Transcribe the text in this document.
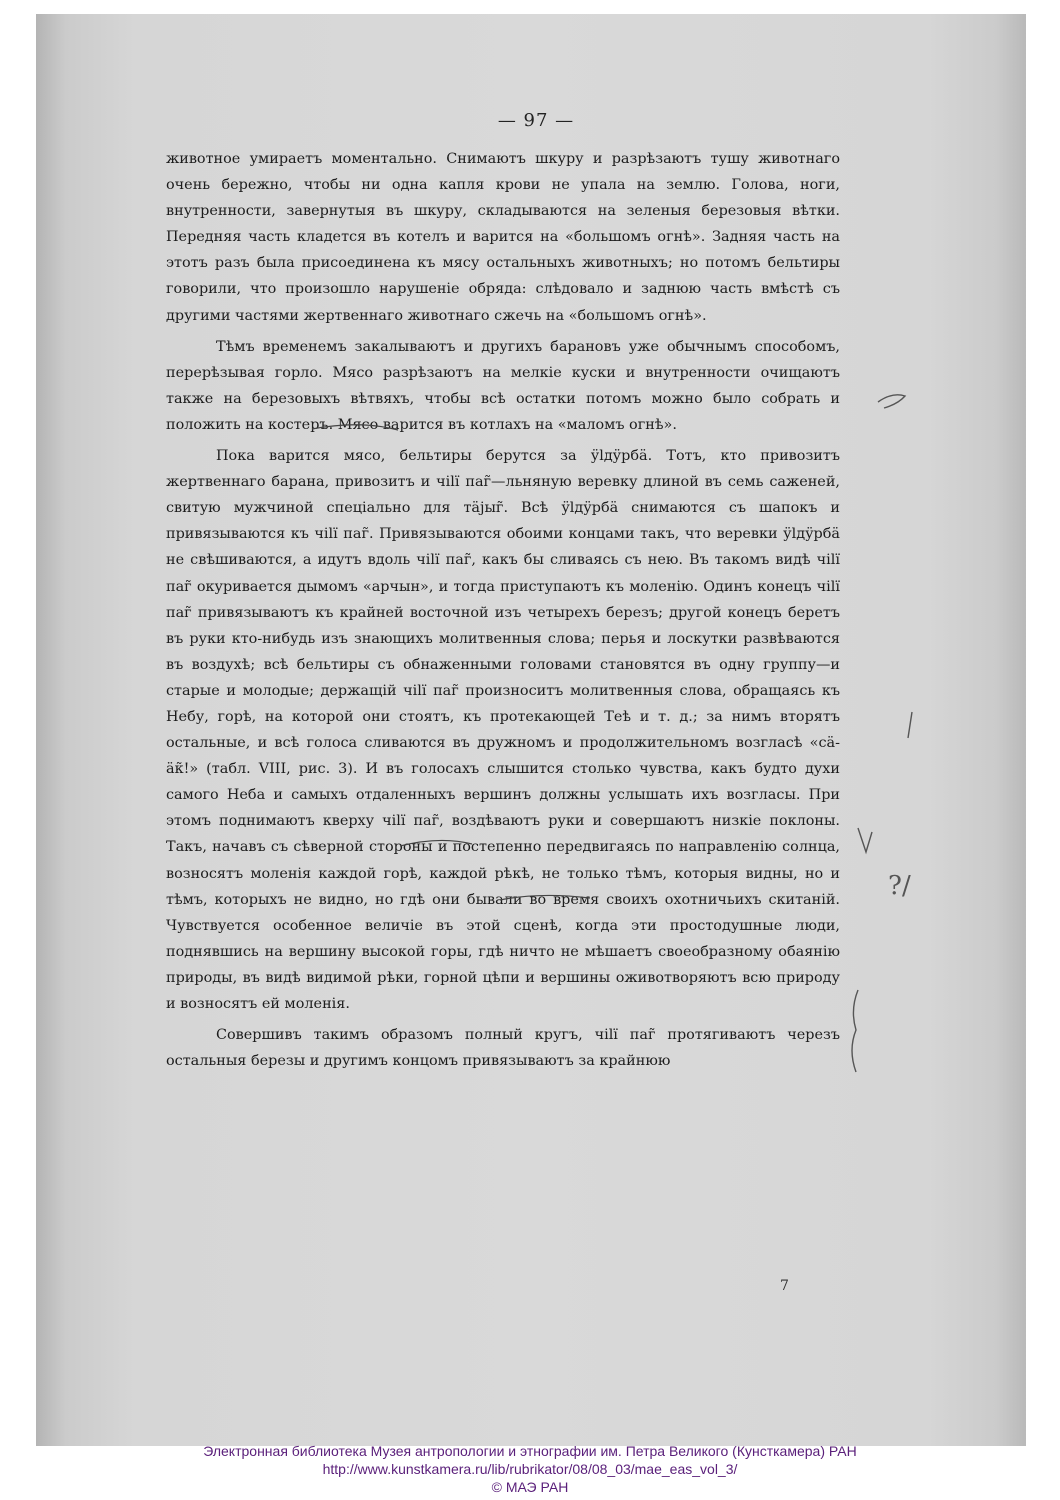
— 97 —

животное умираетъ моментально. Снимаютъ шкуру и разрѣзаютъ тушу животнаго очень бережно, чтобы ни одна капля крови не упала на землю. Голова, ноги, внутренности, завернутыя въ шкуру, складываются на зеленыя березовыя вѣтки. Передняя часть кладется въ котелъ и варится на «большомъ огнѣ». Задняя часть на этотъ разъ была присоединена къ мясу остальныхъ животныхъ; но потомъ бельтиры говорили, что произошло нарушеніе обряда: слѣдовало и заднюю часть вмѣстѣ съ другими частями жертвеннаго животнаго сжечь на «большомъ огнѣ».

Тѣмъ временемъ закалываютъ и другихъ барановъ уже обычнымъ способомъ, перерѣзывая горло. Мясо разрѣзаютъ на мелкіе куски и внутренности очищаютъ также на березовыхъ вѣтвяхъ, чтобы всѣ остатки потомъ можно было собрать и положить на костеръ. Мясо варится въ котлахъ на «маломъ огнѣ».

Пока варится мясо, бельтиры берутся за ӱlдӱрбä. Тотъ, кто привозитъ жертвеннаго барана, привозитъ и чilї паг̃—льняную веревку длиной въ семь саженей, свитую мужчиной спеціально для тäjыг̃. Всѣ ӱlдӱрбä снимаются съ шапокъ и привязываются къ чilї паг̃. Привязываются обоими концами такъ, что веревки ӱlдӱрбä не свѣшиваются, а идутъ вдоль чilї паг̃, какъ бы сливаясь съ нею. Въ такомъ видѣ чilї паг̃ окуривается дымомъ «арчын», и тогда приступаютъ къ моленію. Одинъ конецъ чilї паг̃ привязываютъ къ крайней восточной изъ четырехъ березъ; другой конецъ беретъ въ руки кто-нибудь изъ знающихъ молитвенныя слова; перья и лоскутки развѣваются въ воздухѣ; всѣ бельтиры съ обнаженными головами становятся въ одну группу—и старые и молодые; держащій чilї паг̃ произноситъ молитвенныя слова, обращаясь къ Небу, горѣ, на которой они стоятъ, къ протекающей Теѣ и т. д.; за нимъ вторятъ остальные, и всѣ голоса сливаются въ дружномъ и продолжительномъ возгласѣ «сä-äк̃!» (табл. VIII, рис. 3). И въ голосахъ слышится столько чувства, какъ будто духи самого Неба и самыхъ отдаленныхъ вершинъ должны услышать ихъ возгласы. При этомъ поднимаютъ кверху чilї паг̃, воздѣваютъ руки и совершаютъ низкіе поклоны. Такъ, начавъ съ сѣверной стороны и постепенно передвигаясь по направленію солнца, возносятъ моленія каждой горѣ, каждой рѣкѣ, не только тѣмъ, которыя видны, но и тѣмъ, которыхъ не видно, но гдѣ они бывали во время своихъ охотничьихъ скитаній. Чувствуется особенное величіе въ этой сценѣ, когда эти простодушные люди, поднявшись на вершину высокой горы, гдѣ ничто не мѣшаетъ своеобразному обаянію природы, въ видѣ видимой рѣки, горной цѣпи и вершины оживотворяютъ всю природу и возносятъ ей моленія.

Совершивъ такимъ образомъ полный кругъ, чilї паг̃ протягиваютъ черезъ остальныя березы и другимъ концомъ привязываютъ за крайнюю

7
?/
Электронная библиотека Музея антропологии и этнографии им. Петра Великого (Кунсткамера) РАН
http://www.kunstkamera.ru/lib/rubrikator/08/08_03/mae_eas_vol_3/
© МАЭ РАН
